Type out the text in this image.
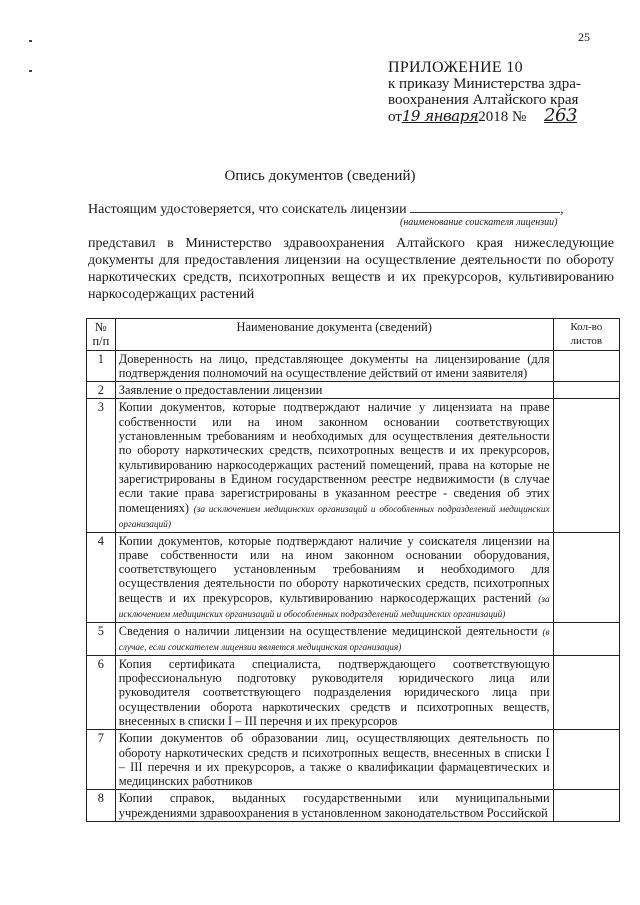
25
ПРИЛОЖЕНИЕ 10
к приказу Министерства здра-
воохранения Алтайского края
от19 января2018 № 263
Опись документов (сведений)
Настоящим удостоверяется, что соискатель лицензии	,
(наименование соискателя лицензии)
представил в Министерство здравоохранения Алтайского края нижеследующие документы для предоставления лицензии на осуществление деятельности по обороту наркотических средств, психотропных веществ и их прекурсоров, культивированию наркосодержащих растений
№ п/п	Наименование документа (сведений)	Кол-во листов
1	Доверенность на лицо, представляющее документы на лицензирование (для подтверждения полномочий на осуществление действий от имени заявителя)	
2	Заявление о предоставлении лицензии	
3	Копии документов, которые подтверждают наличие у лицензиата на праве собственности или на ином законном основании соответствующих установленным требованиям и необходимых для осуществления деятельности по обороту наркотических средств, психотропных веществ и их прекурсоров, культивированию наркосодержащих растений помещений, права на которые не зарегистрированы в Едином государственном реестре недвижимости (в случае если такие права зарегистрированы в указанном реестре - сведения об этих помещениях) (за исключением медицинских организаций и обособленных подразделений медицинских организаций)	
4	Копии документов, которые подтверждают наличие у соискателя лицензии на праве собственности или на ином законном основании оборудования, соответствующего установленным требованиям и необходимого для осуществления деятельности по обороту наркотических средств, психотропных веществ и их прекурсоров, культивированию наркосодержащих растений (за исключением медицинских организаций и обособленных подразделений медицинских организаций)	
5	Сведения о наличии лицензии на осуществление медицинской деятельности (в случае, если соискателем лицензии является медицинская организация)	
6	Копия сертификата специалиста, подтверждающего соответствующую профессиональную подготовку руководителя юридического лица или руководителя соответствующего подразделения юридического лица при осуществлении оборота наркотических средств и психотропных веществ, внесенных в списки I – III перечня и их прекурсоров	
7	Копии документов об образовании лиц, осуществляющих деятельность по обороту наркотических средств и психотропных веществ, внесенных в списки I – III перечня и их прекурсоров, а также о квалификации фармацевтических и медицинских работников	
8	Копии справок, выданных государственными или муниципальными учреждениями здравоохранения в установленном законодательством Российской	
